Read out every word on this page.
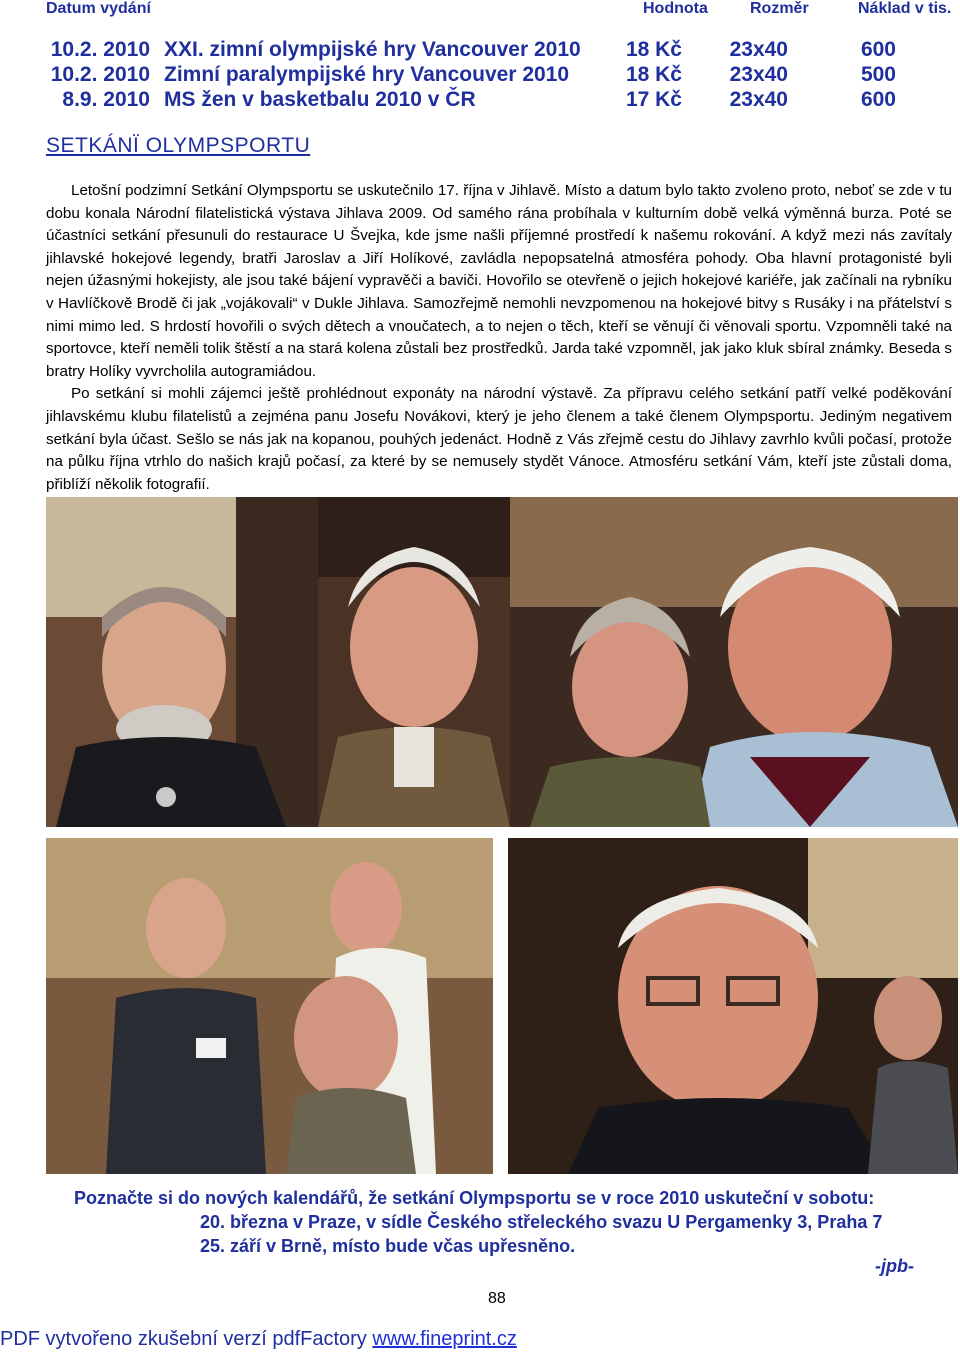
Datum vydání	Hodnota	Rozměr	Náklad v tis.
10.2. 2010 XXI. zimní olympijské hry Vancouver 2010	18 Kč	23x40	600
10.2. 2010 Zimní paralympijské hry Vancouver 2010	18 Kč	23x40	500
8.9. 2010 MS žen v basketbalu 2010 v ČR	17 Kč	23x40	600
SETKÁNÏ OLYMPSPORTU

Letošní podzimní Setkání Olympsportu se uskutečnilo 17. října v Jihlavě. Místo a datum bylo takto zvoleno proto, neboť se zde v tu dobu konala Národní filatelistická výstava Jihlava 2009. Od samého rána probíhala v kulturním době velká výměnná burza. Poté se účastníci setkání přesunuli do restaurace U Švejka, kde jsme našli příjemné prostředí k našemu rokování. A když mezi nás zavítaly jihlavské hokejové legendy, bratři Jaroslav a Jiří Holíkové, zavládla nepopsatelná atmosféra pohody. Oba hlavní protagonisté byli nejen úžasnými hokejisty, ale jsou také bájení vypravěči a baviči. Hovořilo se otevřeně o jejich hokejové kariéře, jak začínali na rybníku v Havlíčkově Brodě či jak „vojákovali“ v Dukle Jihlava. Samozřejmě nemohli nevzpomenou na hokejové bitvy s Rusáky i na přátelství s nimi mimo led. S hrdostí hovořili o svých dětech a vnoučatech, a to nejen o těch, kteří se věnují či věnovali sportu. Vzpomněli také na sportovce, kteří neměli tolik štěstí a na stará kolena zůstali bez prostředků. Jarda také vzpomněl, jak jako kluk sbíral známky. Beseda s bratry Holíky vyvrcholila autogramiádou.

Po setkání si mohli zájemci ještě prohlédnout exponáty na národní výstavě. Za přípravu celého setkání patří velké poděkování jihlavskému klubu filatelistů a zejména panu Josefu Novákovi, který je jeho členem a také členem Olympsportu. Jediným negativem setkání byla účast. Sešlo se nás jak na kopanou, pouhých jedenáct. Hodně z Vás zřejmě cestu do Jihlavy zavrhlo kvůli počasí, protože na půlku října vtrhlo do našich krajů počasí, za které by se nemusely stydět Vánoce. Atmosféru setkání Vám, kteří jste zůstali doma, přiblíží několik fotografií.

Poznačte si do nových kalendářů, že setkání Olympsportu se v roce 2010 uskuteční v sobotu:
20. března v Praze, v sídle Českého střeleckého svazu U Pergamenky 3, Praha 7
25. září v Brně, místo bude včas upřesněno.
-jpb-
88
PDF vytvořeno zkušební verzí pdfFactory www.fineprint.cz
